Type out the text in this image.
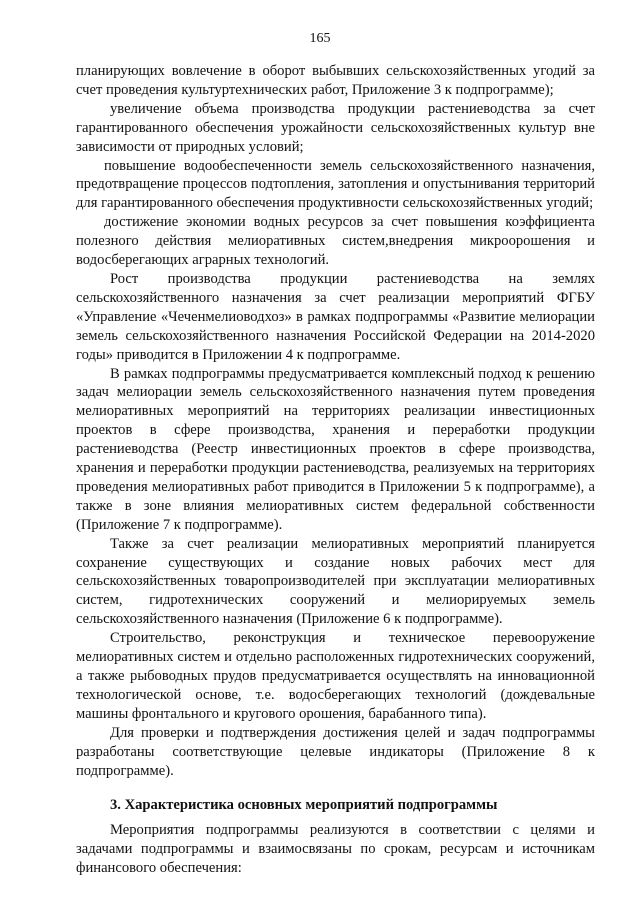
165

планирующих вовлечение в оборот выбывших сельскохозяйственных угодий за счет проведения культуртехнических работ, Приложение 3 к подпрограмме);

увеличение объема производства продукции растениеводства за счет гарантированного обеспечения урожайности сельскохозяйственных культур вне зависимости от природных условий;

повышение водообеспеченности земель сельскохозяйственного назначения, предотвращение процессов подтопления, затопления и опустынивания территорий для гарантированного обеспечения продуктивности сельскохозяйственных угодий;

достижение экономии водных ресурсов за счет повышения коэффициента полезного действия мелиоративных систем,внедрения микроорошения и водосберегающих аграрных технологий.

Рост производства продукции растениеводства на землях сельскохозяйственного назначения за счет реализации мероприятий ФГБУ «Управление «Чеченмелиоводхоз» в рамках подпрограммы «Развитие мелиорации земель сельскохозяйственного назначения Российской Федерации на 2014-2020 годы» приводится в Приложении 4 к подпрограмме.

В рамках подпрограммы предусматривается комплексный подход к решению задач мелиорации земель сельскохозяйственного назначения путем проведения мелиоративных мероприятий на территориях реализации инвестиционных проектов в сфере производства, хранения и переработки продукции растениеводства (Реестр инвестиционных проектов в сфере производства, хранения и переработки продукции растениеводства, реализуемых на территориях проведения мелиоративных работ приводится в Приложении 5 к подпрограмме), а также в зоне влияния мелиоративных систем федеральной собственности (Приложение 7 к подпрограмме).

Также за счет реализации мелиоративных мероприятий планируется сохранение существующих и создание новых рабочих мест для сельскохозяйственных товаропроизводителей при эксплуатации мелиоративных систем, гидротехнических сооружений и мелиорируемых земель сельскохозяйственного назначения (Приложение 6 к подпрограмме).

Строительство, реконструкция и техническое перевооружение мелиоративных систем и отдельно расположенных гидротехнических сооружений, а также рыбоводных прудов предусматривается осуществлять на инновационной технологической основе, т.е. водосберегающих технологий (дождевальные машины фронтального и кругового орошения, барабанного типа).

Для проверки и подтверждения достижения целей и задач подпрограммы разработаны соответствующие целевые индикаторы (Приложение 8 к подпрограмме).

3. Характеристика основных мероприятий подпрограммы

Мероприятия подпрограммы реализуются в соответствии с целями и задачами подпрограммы и взаимосвязаны по срокам, ресурсам и источникам финансового обеспечения:
